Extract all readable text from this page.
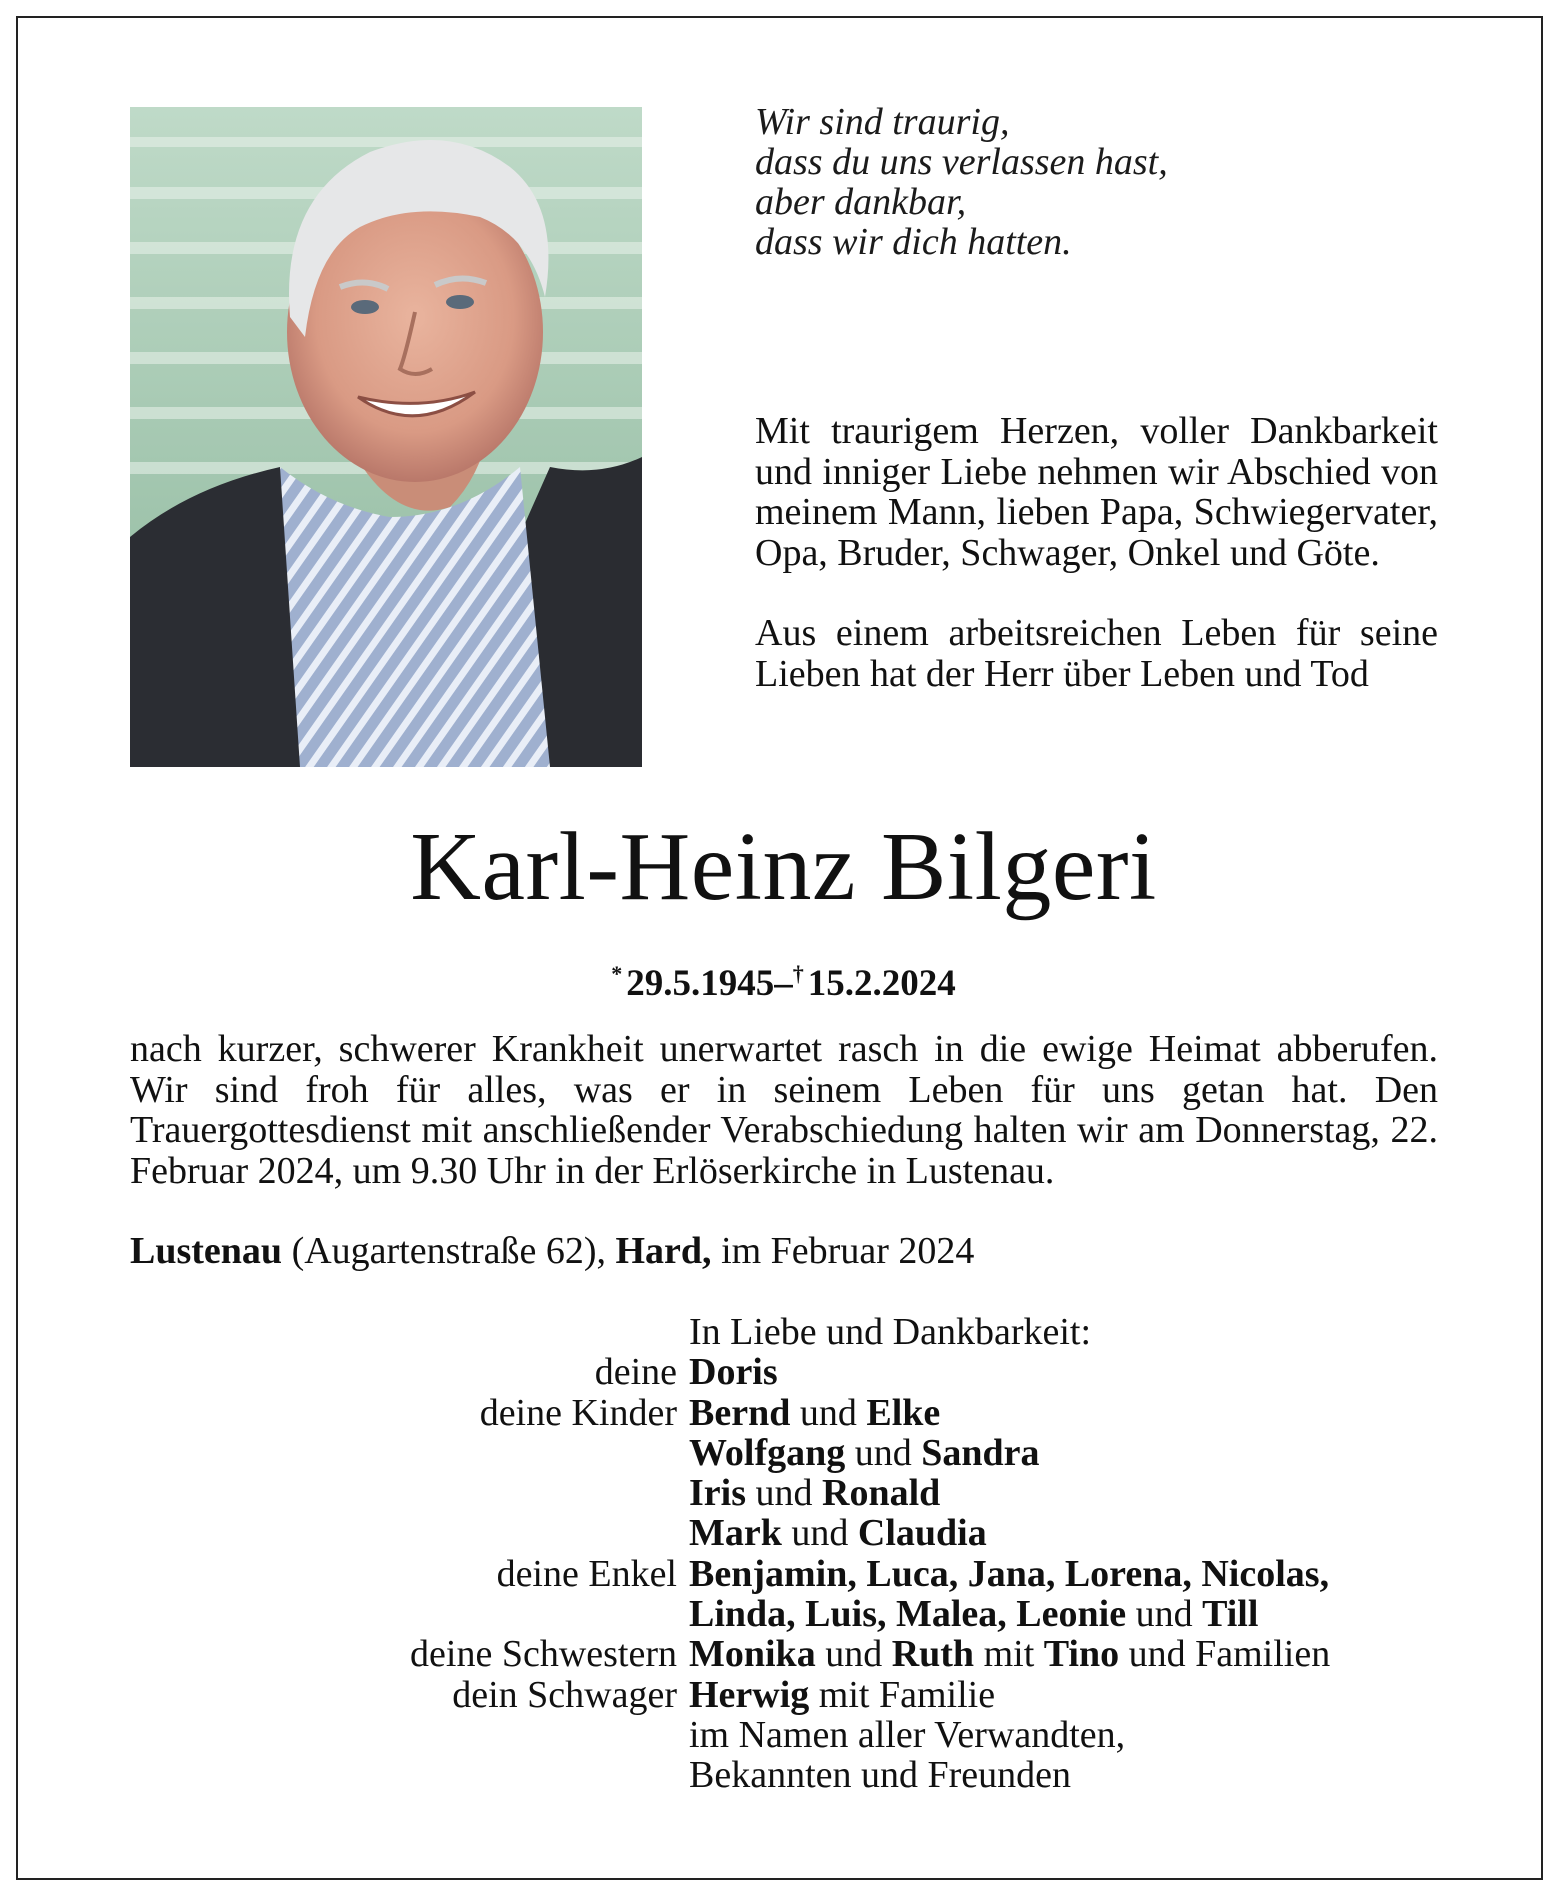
Wir sind traurig,
dass du uns verlassen hast,
aber dankbar,
dass wir dich hatten.

Mit traurigem Herzen, voller Dankbarkeit und inniger Liebe nehmen wir Abschied von meinem Mann, lieben Papa, Schwiegervater, Opa, Bruder, Schwager, Onkel und Göte.

Aus einem arbeitsreichen Leben für seine Lieben hat der Herr über Leben und Tod

Karl-Heinz Bilgeri
* 29.5.1945–† 15.2.2024
nach kurzer, schwerer Krankheit unerwartet rasch in die ewige Heimat abberufen. Wir sind froh für alles, was er in seinem Leben für uns getan hat. Den Trauergottesdienst mit anschließender Verabschiedung halten wir am Donnerstag, 22. Februar 2024, um 9.30 Uhr in der Erlöserkirche in Lustenau.
Lustenau (Augartenstraße 62), Hard, im Februar 2024
In Liebe und Dankbarkeit:
deine Doris
deine Kinder Bernd und Elke
Wolfgang und Sandra
Iris und Ronald
Mark und Claudia
deine Enkel Benjamin, Luca, Jana, Lorena, Nicolas,
Linda, Luis, Malea, Leonie und Till
deine Schwestern Monika und Ruth mit Tino und Familien
dein Schwager Herwig mit Familie
im Namen aller Verwandten,
Bekannten und Freunden
